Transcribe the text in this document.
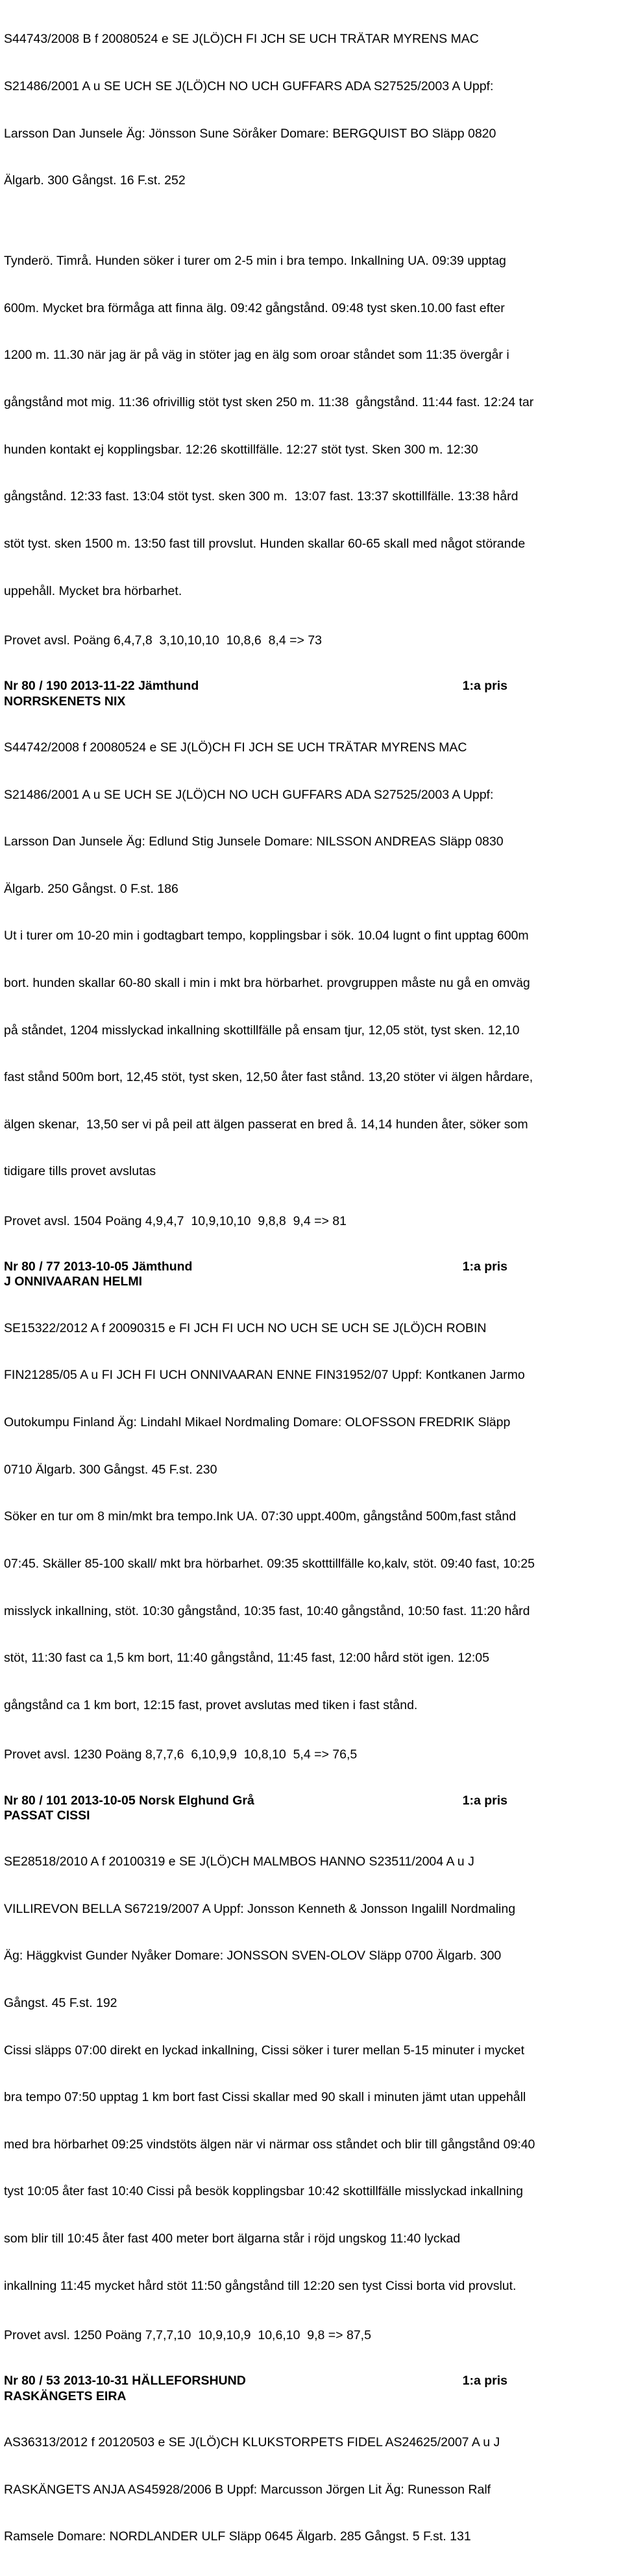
S44743/2008 B f 20080524 e SE J(LÖ)CH FI JCH SE UCH TRÄTAR MYRENS MAC

S21486/2001 A u SE UCH SE J(LÖ)CH NO UCH GUFFARS ADA S27525/2003 A Uppf:

Larsson Dan Junsele Äg: Jönsson Sune Söråker Domare: BERGQUIST BO Släpp 0820

Älgarb. 300 Gångst. 16 F.st. 252

Tynderö. Timrå. Hunden söker i turer om 2-5 min i bra tempo. Inkallning UA. 09:39 upptag

600m. Mycket bra förmåga att finna älg. 09:42 gångstånd. 09:48 tyst sken.10.00 fast efter

1200 m. 11.30 när jag är på väg in stöter jag en älg som oroar ståndet som 11:35 övergår i

gångstånd mot mig. 11:36 ofrivillig stöt tyst sken 250 m. 11:38  gångstånd. 11:44 fast. 12:24 tar

hunden kontakt ej kopplingsbar. 12:26 skottillfälle. 12:27 stöt tyst. Sken 300 m. 12:30

gångstånd. 12:33 fast. 13:04 stöt tyst. sken 300 m.  13:07 fast. 13:37 skottillfälle. 13:38 hård

stöt tyst. sken 1500 m. 13:50 fast till provslut. Hunden skallar 60-65 skall med något störande

uppehåll. Mycket bra hörbarhet.

Provet avsl. Poäng 6,4,7,8  3,10,10,10  10,8,6  8,4 => 73
Nr 80 / 190 2013-11-22 Jämthund	1:a pris
NORRSKENETS NIX

S44742/2008 f 20080524 e SE J(LÖ)CH FI JCH SE UCH TRÄTAR MYRENS MAC

S21486/2001 A u SE UCH SE J(LÖ)CH NO UCH GUFFARS ADA S27525/2003 A Uppf:

Larsson Dan Junsele Äg: Edlund Stig Junsele Domare: NILSSON ANDREAS Släpp 0830

Älgarb. 250 Gångst. 0 F.st. 186

Ut i turer om 10-20 min i godtagbart tempo, kopplingsbar i sök. 10.04 lugnt o fint upptag 600m

bort. hunden skallar 60-80 skall i min i mkt bra hörbarhet. provgruppen måste nu gå en omväg

på ståndet, 1204 misslyckad inkallning skottillfälle på ensam tjur, 12,05 stöt, tyst sken. 12,10

fast stånd 500m bort, 12,45 stöt, tyst sken, 12,50 åter fast stånd. 13,20 stöter vi älgen hårdare,

älgen skenar,  13,50 ser vi på peil att älgen passerat en bred å. 14,14 hunden åter, söker som

tidigare tills provet avslutas

Provet avsl. 1504 Poäng 4,9,4,7  10,9,10,10  9,8,8  9,4 => 81
Nr 80 / 77 2013-10-05 Jämthund	1:a pris
J ONNIVAARAN HELMI

SE15322/2012 A f 20090315 e FI JCH FI UCH NO UCH SE UCH SE J(LÖ)CH ROBIN

FIN21285/05 A u FI JCH FI UCH ONNIVAARAN ENNE FIN31952/07 Uppf: Kontkanen Jarmo

Outokumpu Finland Äg: Lindahl Mikael Nordmaling Domare: OLOFSSON FREDRIK Släpp

0710 Älgarb. 300 Gångst. 45 F.st. 230

Söker en tur om 8 min/mkt bra tempo.Ink UA. 07:30 uppt.400m, gångstånd 500m,fast stånd

07:45. Skäller 85-100 skall/ mkt bra hörbarhet. 09:35 skotttillfälle ko,kalv, stöt. 09:40 fast, 10:25

misslyck inkallning, stöt. 10:30 gångstånd, 10:35 fast, 10:40 gångstånd, 10:50 fast. 11:20 hård

stöt, 11:30 fast ca 1,5 km bort, 11:40 gångstånd, 11:45 fast, 12:00 hård stöt igen. 12:05

gångstånd ca 1 km bort, 12:15 fast, provet avslutas med tiken i fast stånd.

Provet avsl. 1230 Poäng 8,7,7,6  6,10,9,9  10,8,10  5,4 => 76,5
Nr 80 / 101 2013-10-05 Norsk Elghund Grå	1:a pris
PASSAT CISSI

SE28518/2010 A f 20100319 e SE J(LÖ)CH MALMBOS HANNO S23511/2004 A u J

VILLIREVON BELLA S67219/2007 A Uppf: Jonsson Kenneth & Jonsson Ingalill Nordmaling

Äg: Häggkvist Gunder Nyåker Domare: JONSSON SVEN-OLOV Släpp 0700 Älgarb. 300

Gångst. 45 F.st. 192

Cissi släpps 07:00 direkt en lyckad inkallning, Cissi söker i turer mellan 5-15 minuter i mycket

bra tempo 07:50 upptag 1 km bort fast Cissi skallar med 90 skall i minuten jämt utan uppehåll

med bra hörbarhet 09:25 vindstöts älgen när vi närmar oss ståndet och blir till gångstånd 09:40

tyst 10:05 åter fast 10:40 Cissi på besök kopplingsbar 10:42 skottillfälle misslyckad inkallning

som blir till 10:45 åter fast 400 meter bort älgarna står i röjd ungskog 11:40 lyckad

inkallning 11:45 mycket hård stöt 11:50 gångstånd till 12:20 sen tyst Cissi borta vid provslut.

Provet avsl. 1250 Poäng 7,7,7,10  10,9,10,9  10,6,10  9,8 => 87,5
Nr 80 / 53 2013-10-31 HÄLLEFORSHUND	1:a pris
RASKÄNGETS EIRA

AS36313/2012 f 20120503 e SE J(LÖ)CH KLUKSTORPETS FIDEL AS24625/2007 A u J

RASKÄNGETS ANJA AS45928/2006 B Uppf: Marcusson Jörgen Lit Äg: Runesson Ralf

Ramsele Domare: NORDLANDER ULF Släpp 0645 Älgarb. 285 Gångst. 5 F.st. 131
